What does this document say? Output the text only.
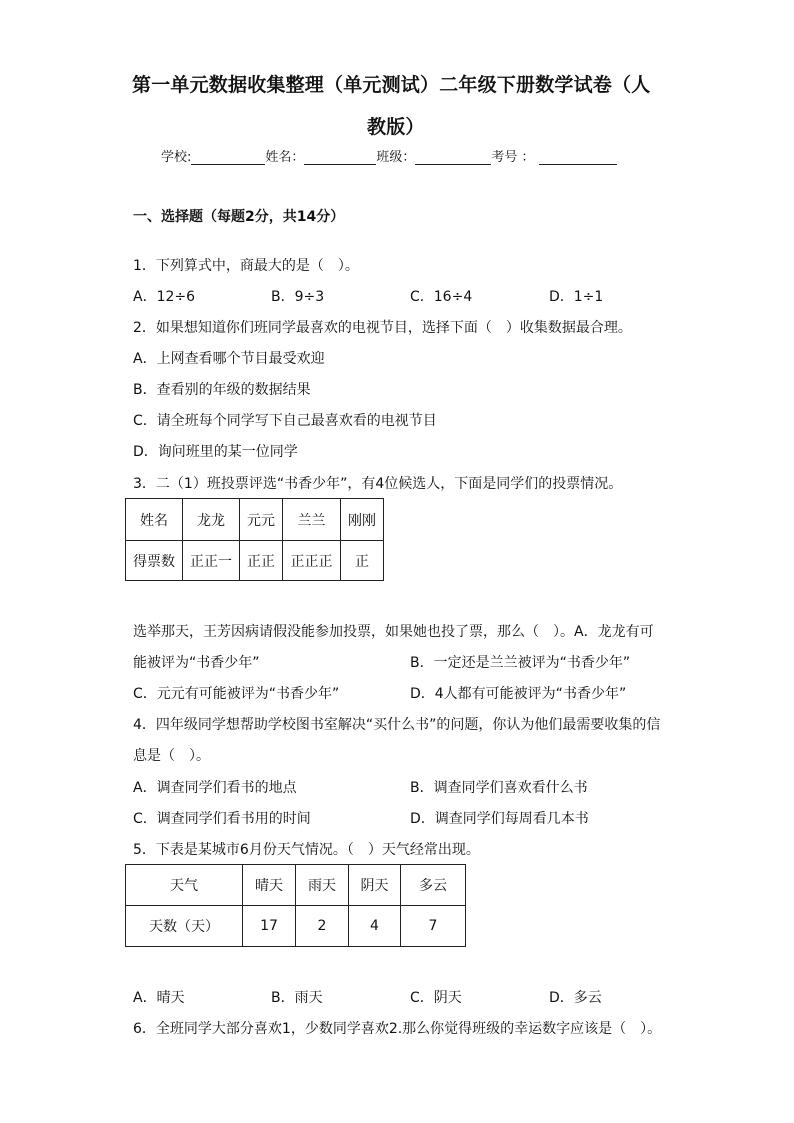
第一单元数据收集整理（单元测试）二年级下册数学试卷（人
教版）
学校:	姓名：	班级：	考号 ：
一、选择题（每题2分，共14分）
1．下列算式中，商最大的是（　）。
A．12÷6	B．9÷3	C．16÷4	D．1÷1
2．如果想知道你们班同学最喜欢的电视节目，选择下面（　）收集数据最合理。
A．上网查看哪个节目最受欢迎
B．查看别的年级的数据结果
C．请全班每个同学写下自己最喜欢看的电视节目
D．询问班里的某一位同学
3．二（1）班投票评选“书香少年”，有4位候选人，下面是同学们的投票情况。
姓名	龙龙	元元	兰兰	刚刚
得票数	正正一	正正	正正正	正
选举那天，王芳因病请假没能参加投票，如果她也投了票，那么（　）。A．龙龙有可
能被评为“书香少年”	B．一定还是兰兰被评为“书香少年”
C．元元有可能被评为“书香少年”	D．4人都有可能被评为“书香少年”
4．四年级同学想帮助学校图书室解决“买什么书”的问题，你认为他们最需要收集的信
息是（　）。
A．调查同学们看书的地点	B．调查同学们喜欢看什么书
C．调查同学们看书用的时间	D．调查同学们每周看几本书
5．下表是某城市6月份天气情况。（　）天气经常出现。
天气	晴天	雨天	阴天	多云
天数（天）	17	2	4	7
A．晴天	B．雨天	C．阴天	D．多云
6．全班同学大部分喜欢1，少数同学喜欢2.那么你觉得班级的幸运数字应该是（　）。
